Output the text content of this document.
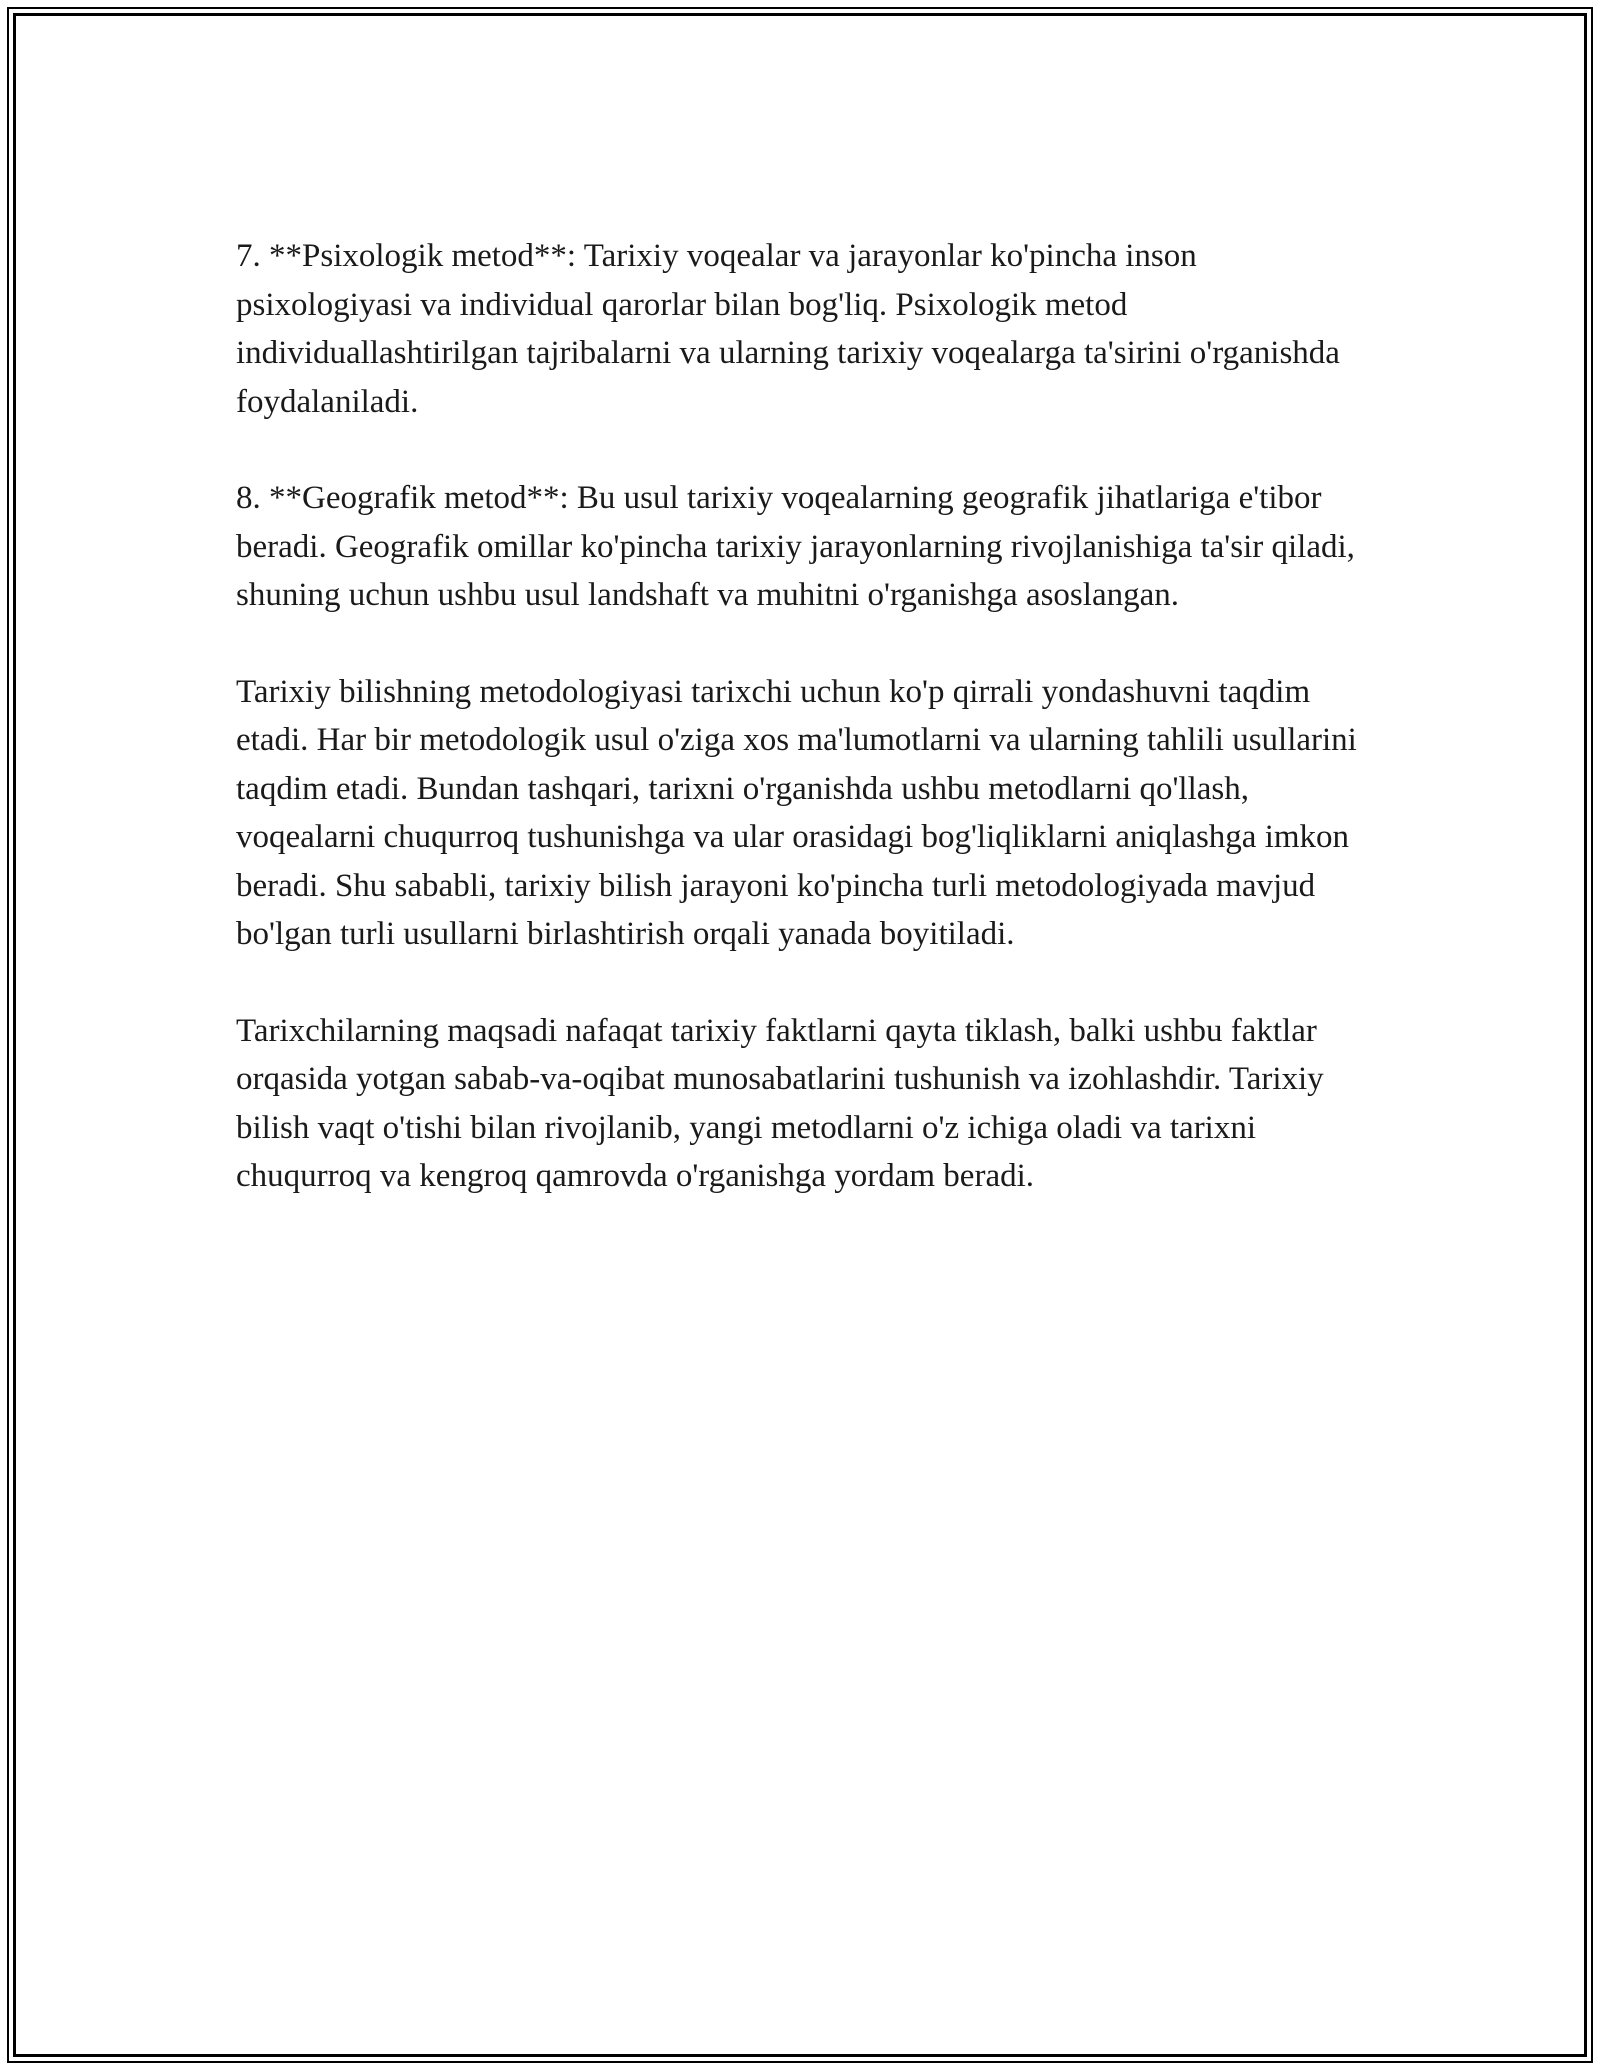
7. **Psixologik metod**: Tarixiy voqealar va jarayonlar ko'pincha inson psixologiyasi va individual qarorlar bilan bog'liq. Psixologik metod individuallashtirilgan tajribalarni va ularning tarixiy voqealarga ta'sirini o'rganishda foydalaniladi.

8. **Geografik metod**: Bu usul tarixiy voqealarning geografik jihatlariga e'tibor beradi. Geografik omillar ko'pincha tarixiy jarayonlarning rivojlanishiga ta'sir qiladi, shuning uchun ushbu usul landshaft va muhitni o'rganishga asoslangan.

Tarixiy bilishning metodologiyasi tarixchi uchun ko'p qirrali yondashuvni taqdim etadi. Har bir metodologik usul o'ziga xos ma'lumotlarni va ularning tahlili usullarini taqdim etadi. Bundan tashqari, tarixni o'rganishda ushbu metodlarni qo'llash, voqealarni chuqurroq tushunishga va ular orasidagi bog'liqliklarni aniqlashga imkon beradi. Shu sababli, tarixiy bilish jarayoni ko'pincha turli metodologiyada mavjud bo'lgan turli usullarni birlashtirish orqali yanada boyitiladi.

Tarixchilarning maqsadi nafaqat tarixiy faktlarni qayta tiklash, balki ushbu faktlar orqasida yotgan sabab-va-oqibat munosabatlarini tushunish va izohlashdir. Tarixiy bilish vaqt o'tishi bilan rivojlanib, yangi metodlarni o'z ichiga oladi va tarixni chuqurroq va kengroq qamrovda o'rganishga yordam beradi.
